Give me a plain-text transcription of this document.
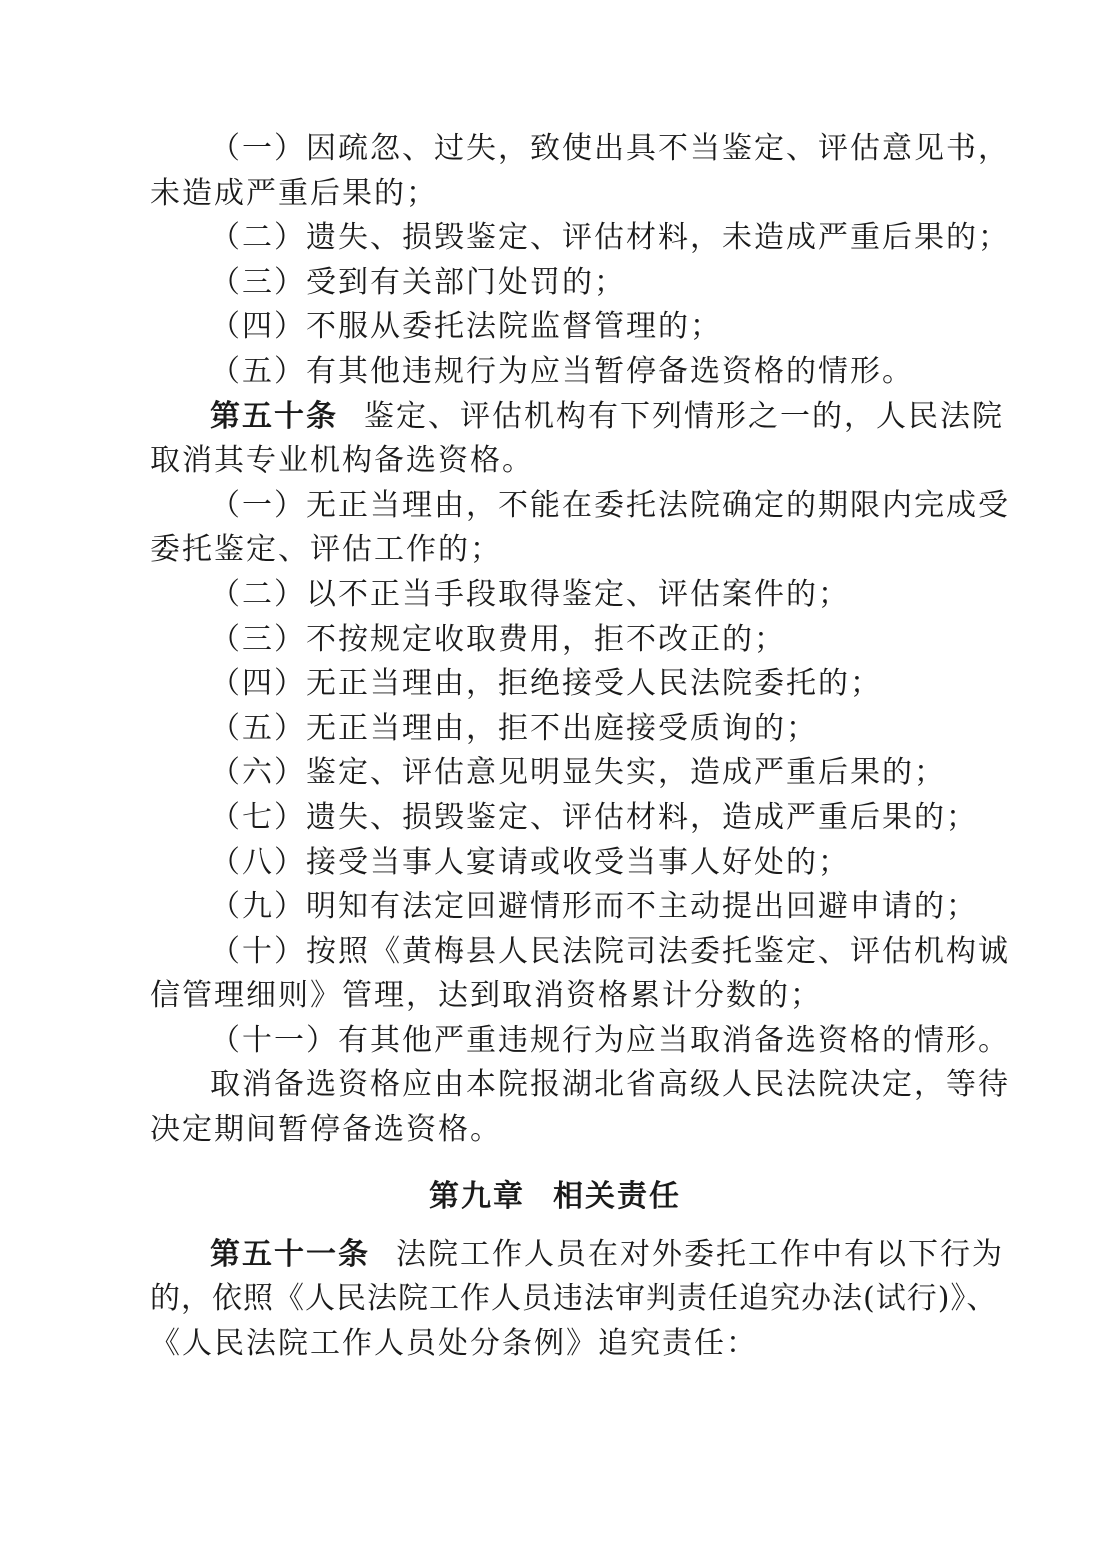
（一）因疏忽、过失，致使出具不当鉴定、评估意见书，
未造成严重后果的；
（二）遗失、损毁鉴定、评估材料，未造成严重后果的；
（三）受到有关部门处罚的；
（四）不服从委托法院监督管理的；
（五）有其他违规行为应当暂停备选资格的情形。
第五十条 鉴定、评估机构有下列情形之一的，人民法院
取消其专业机构备选资格。
（一）无正当理由，不能在委托法院确定的期限内完成受
委托鉴定、评估工作的；
（二）以不正当手段取得鉴定、评估案件的；
（三）不按规定收取费用，拒不改正的；
（四）无正当理由，拒绝接受人民法院委托的；
（五）无正当理由，拒不出庭接受质询的；
（六）鉴定、评估意见明显失实，造成严重后果的；
（七）遗失、损毁鉴定、评估材料，造成严重后果的；
（八）接受当事人宴请或收受当事人好处的；
（九）明知有法定回避情形而不主动提出回避申请的；
（十）按照《黄梅县人民法院司法委托鉴定、评估机构诚
信管理细则》管理，达到取消资格累计分数的；
（十一）有其他严重违规行为应当取消备选资格的情形。
取消备选资格应由本院报湖北省高级人民法院决定，等待
决定期间暂停备选资格。
第九章 相关责任
第五十一条 法院工作人员在对外委托工作中有以下行为
的，依照《人民法院工作人员违法审判责任追究办法(试行)》、
《人民法院工作人员处分条例》追究责任：
